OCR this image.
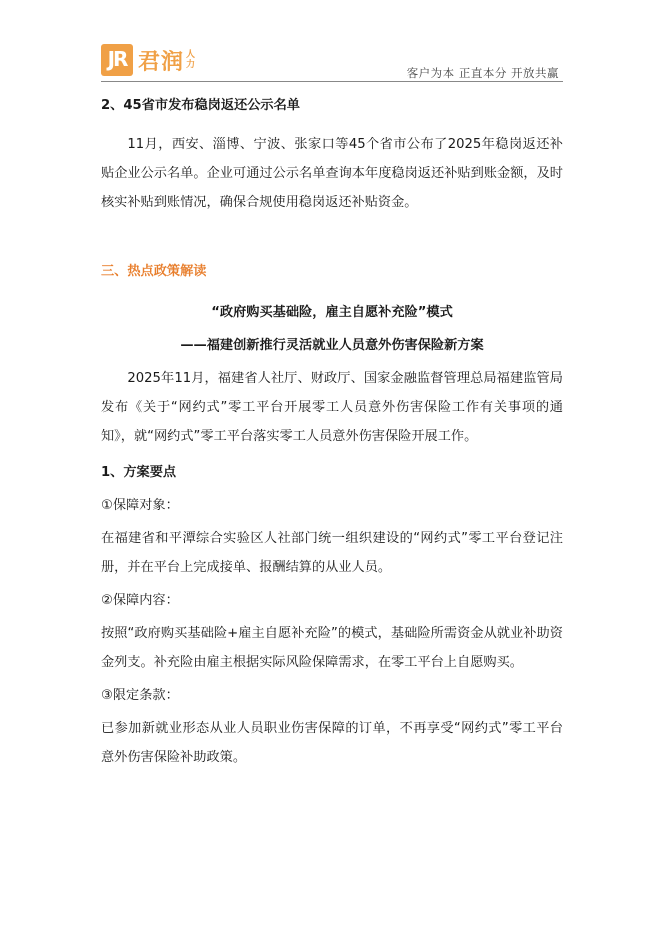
JR 君润 人
力
客户为本 正直本分 开放共赢

2、45省市发布稳岗返还公示名单

11月，西安、淄博、宁波、张家口等45个省市公布了2025年稳岗返还补贴企业公示名单。企业可通过公示名单查询本年度稳岗返还补贴到账金额，及时核实补贴到账情况，确保合规使用稳岗返还补贴资金。

三、热点政策解读

“政府购买基础险，雇主自愿补充险”模式

——福建创新推行灵活就业人员意外伤害保险新方案

2025年11月，福建省人社厅、财政厅、国家金融监督管理总局福建监管局发布《关于“网约式”零工平台开展零工人员意外伤害保险工作有关事项的通知》，就“网约式”零工平台落实零工人员意外伤害保险开展工作。

1、方案要点

①保障对象：

在福建省和平潭综合实验区人社部门统一组织建设的“网约式”零工平台登记注册，并在平台上完成接单、报酬结算的从业人员。

②保障内容：

按照“政府购买基础险+雇主自愿补充险”的模式，基础险所需资金从就业补助资金列支。补充险由雇主根据实际风险保障需求，在零工平台上自愿购买。

③限定条款：

已参加新就业形态从业人员职业伤害保障的订单，不再享受“网约式”零工平台意外伤害保险补助政策。
